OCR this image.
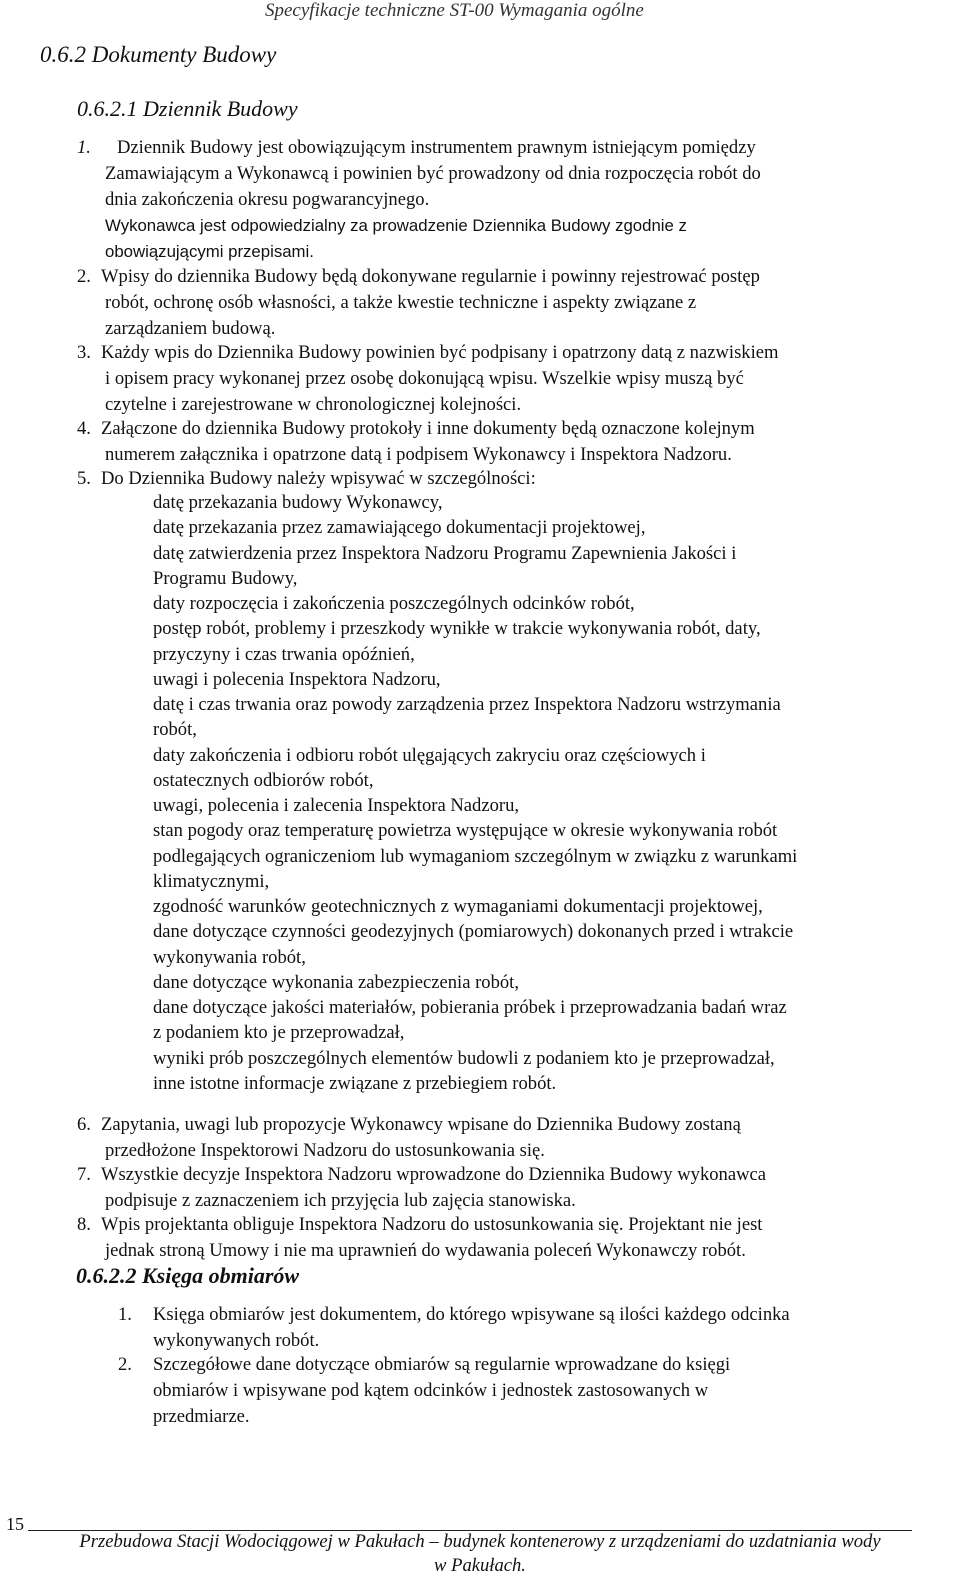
Specyfikacje techniczne ST-00 Wymagania ogólne
0.6.2 Dokumenty Budowy
0.6.2.1 Dziennik Budowy
1. Dziennik Budowy jest obowiązującym instrumentem prawnym istniejącym pomiędzy
Zamawiającym a Wykonawcą i powinien być prowadzony od dnia rozpoczęcia robót do
dnia zakończenia okresu pogwarancyjnego.
Wykonawca jest odpowiedzialny za prowadzenie Dziennika Budowy zgodnie z
obowiązującymi przepisami.
2. Wpisy do dziennika Budowy będą dokonywane regularnie i powinny rejestrować postęp
robót, ochronę osób własności, a także kwestie techniczne i aspekty związane z
zarządzaniem budową.
3. Każdy wpis do Dziennika Budowy powinien być podpisany i opatrzony datą z nazwiskiem
i opisem pracy wykonanej przez osobę dokonującą wpisu. Wszelkie wpisy muszą być
czytelne i zarejestrowane w chronologicznej kolejności.
4. Załączone do dziennika Budowy protokoły i inne dokumenty będą oznaczone kolejnym
numerem załącznika i opatrzone datą i podpisem Wykonawcy i Inspektora Nadzoru.
5. Do Dziennika Budowy należy wpisywać w szczególności:
datę przekazania budowy Wykonawcy,
datę przekazania przez zamawiającego dokumentacji projektowej,
datę zatwierdzenia przez Inspektora Nadzoru Programu Zapewnienia Jakości i
Programu Budowy,
daty rozpoczęcia i zakończenia poszczególnych odcinków robót,
postęp robót, problemy i przeszkody wynikłe w trakcie wykonywania robót, daty,
przyczyny i czas trwania opóźnień,
uwagi i polecenia Inspektora Nadzoru,
datę i czas trwania oraz powody zarządzenia przez Inspektora Nadzoru wstrzymania
robót,
daty zakończenia i odbioru robót ulęgających zakryciu oraz częściowych i
ostatecznych odbiorów robót,
uwagi, polecenia i zalecenia Inspektora Nadzoru,
stan pogody oraz temperaturę powietrza występujące w okresie wykonywania robót
podlegających ograniczeniom lub wymaganiom szczególnym w związku z warunkami
klimatycznymi,
zgodność warunków geotechnicznych z wymaganiami dokumentacji projektowej,
dane dotyczące czynności geodezyjnych (pomiarowych) dokonanych przed i wtrakcie
wykonywania robót,
dane dotyczące wykonania zabezpieczenia robót,
dane dotyczące jakości materiałów, pobierania próbek i przeprowadzania badań wraz
z podaniem kto je przeprowadzał,
wyniki prób poszczególnych elementów budowli z podaniem kto je przeprowadzał,
inne istotne informacje związane z przebiegiem robót.
6. Zapytania, uwagi lub propozycje Wykonawcy wpisane do Dziennika Budowy zostaną
przedłożone Inspektorowi Nadzoru do ustosunkowania się.
7. Wszystkie decyzje Inspektora Nadzoru wprowadzone do Dziennika Budowy wykonawca
podpisuje z zaznaczeniem ich przyjęcia lub zajęcia stanowiska.
8. Wpis projektanta obliguje Inspektora Nadzoru do ustosunkowania się. Projektant nie jest
jednak stroną Umowy i nie ma uprawnień do wydawania poleceń Wykonawczy robót.
0.6.2.2 Księga obmiarów
1. Księga obmiarów jest dokumentem, do którego wpisywane są ilości każdego odcinka
wykonywanych robót.
2. Szczegółowe dane dotyczące obmiarów są regularnie wprowadzane do księgi
obmiarów i wpisywane pod kątem odcinków i jednostek zastosowanych w
przedmiarze.
15
Przebudowa Stacji Wodociągowej w Pakułach – budynek kontenerowy z urządzeniami do uzdatniania wody
w Pakułach.
